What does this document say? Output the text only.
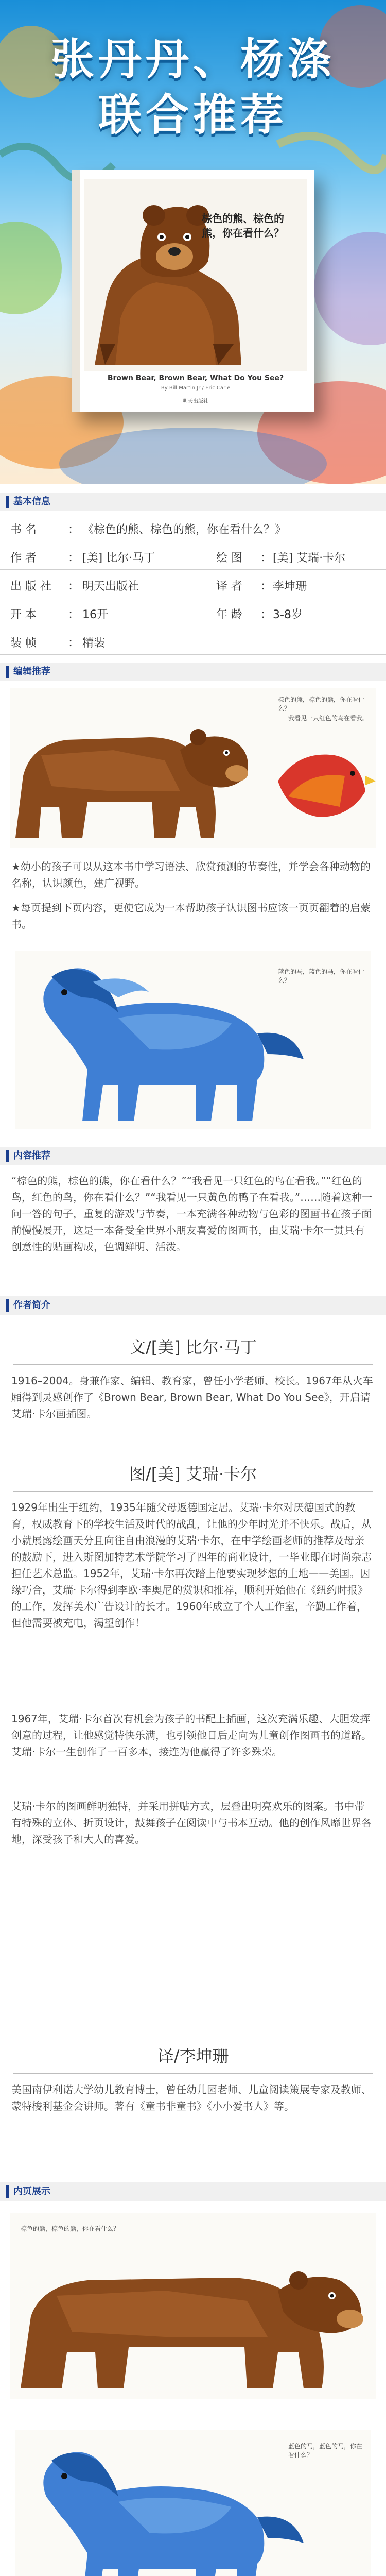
张丹丹、杨涤
联合推荐
棕色的熊、棕色的熊，你在看什么？
Brown Bear, Brown Bear, What Do You See?
By Bill Martin Jr / Eric Carle
明天出版社
基本信息
书 名	： 《棕色的熊、棕色的熊，你在看什么？》
作 者	： [美] 比尔·马丁	绘 图	： [美] 艾瑞·卡尔
出 版 社	： 明天出版社	译 者	： 李坤珊
开 本	： 16开	年 龄	： 3-8岁
装 帧	： 精装
编辑推荐
棕色的熊，棕色的熊，你在看什么？
我看见一只红色的鸟在看我。
★幼小的孩子可以从这本书中学习语法、欣赏预测的节奏性，并学会各种动物的名称，认识颜色，建广视野。
★每页提到下页内容，更使它成为一本帮助孩子认识图书应该一页页翻着的启蒙书。
蓝色的马，蓝色的马，你在看什么？
内容推荐
“棕色的熊，棕色的熊，你在看什么？”“我看见一只红色的鸟在看我。”“红色的鸟，红色的鸟，你在看什么？”“我看见一只黄色的鸭子在看我。”……随着这种一问一答的句子，重复的游戏与节奏，一本充满各种动物与色彩的图画书在孩子面前慢慢展开，这是一本备受全世界小朋友喜爱的图画书，由艾瑞·卡尔一贯具有创意性的贴画构成，色调鲜明、活泼。
作者简介
文/[美] 比尔·马丁
1916–2004。身兼作家、编辑、教育家，曾任小学老师、校长。1967年从火车厢得到灵感创作了《Brown Bear, Brown Bear, What Do You See》，开启请艾瑞·卡尔画插图。
图/[美] 艾瑞·卡尔
1929年出生于纽约，1935年随父母返德国定居。艾瑞·卡尔对厌德国式的教育，权威教育下的学校生活及时代的战乱，让他的少年时光并不快乐。战后，从小就展露绘画天分且向往自由浪漫的艾瑞·卡尔，在中学绘画老师的推荐及母亲的鼓励下，进入斯图加特艺术学院学习了四年的商业设计，一毕业即在时尚杂志担任艺术总监。1952年，艾瑞·卡尔再次踏上他要实现梦想的土地——美国。因缘巧合，艾瑞·卡尔得到李欧·李奥尼的赏识和推荐，顺利开始他在《纽约时报》的工作，发挥美术广告设计的长才。1960年成立了个人工作室，辛勤工作着，但他需要被充电，渴望创作！
1967年，艾瑞·卡尔首次有机会为孩子的书配上插画，这次充满乐趣、大胆发挥创意的过程，让他感觉特快乐满，也引领他日后走向为儿童创作图画书的道路。艾瑞·卡尔一生创作了一百多本，接连为他赢得了许多殊荣。
艾瑞·卡尔的图画鲜明独特，并采用拼贴方式，层叠出明亮欢乐的图案。书中带有特殊的立体、折页设计，鼓舞孩子在阅读中与书本互动。他的创作风靡世界各地，深受孩子和大人的喜爱。
译/李坤珊
美国南伊利诺大学幼儿教育博士，曾任幼儿园老师、儿童阅读策展专家及教师、蒙特梭利基金会讲师。著有《童书非童书》《小小爱书人》等。
内页展示
棕色的熊，棕色的熊，你在看什么？
蓝色的马，蓝色的马，你在看什么？
